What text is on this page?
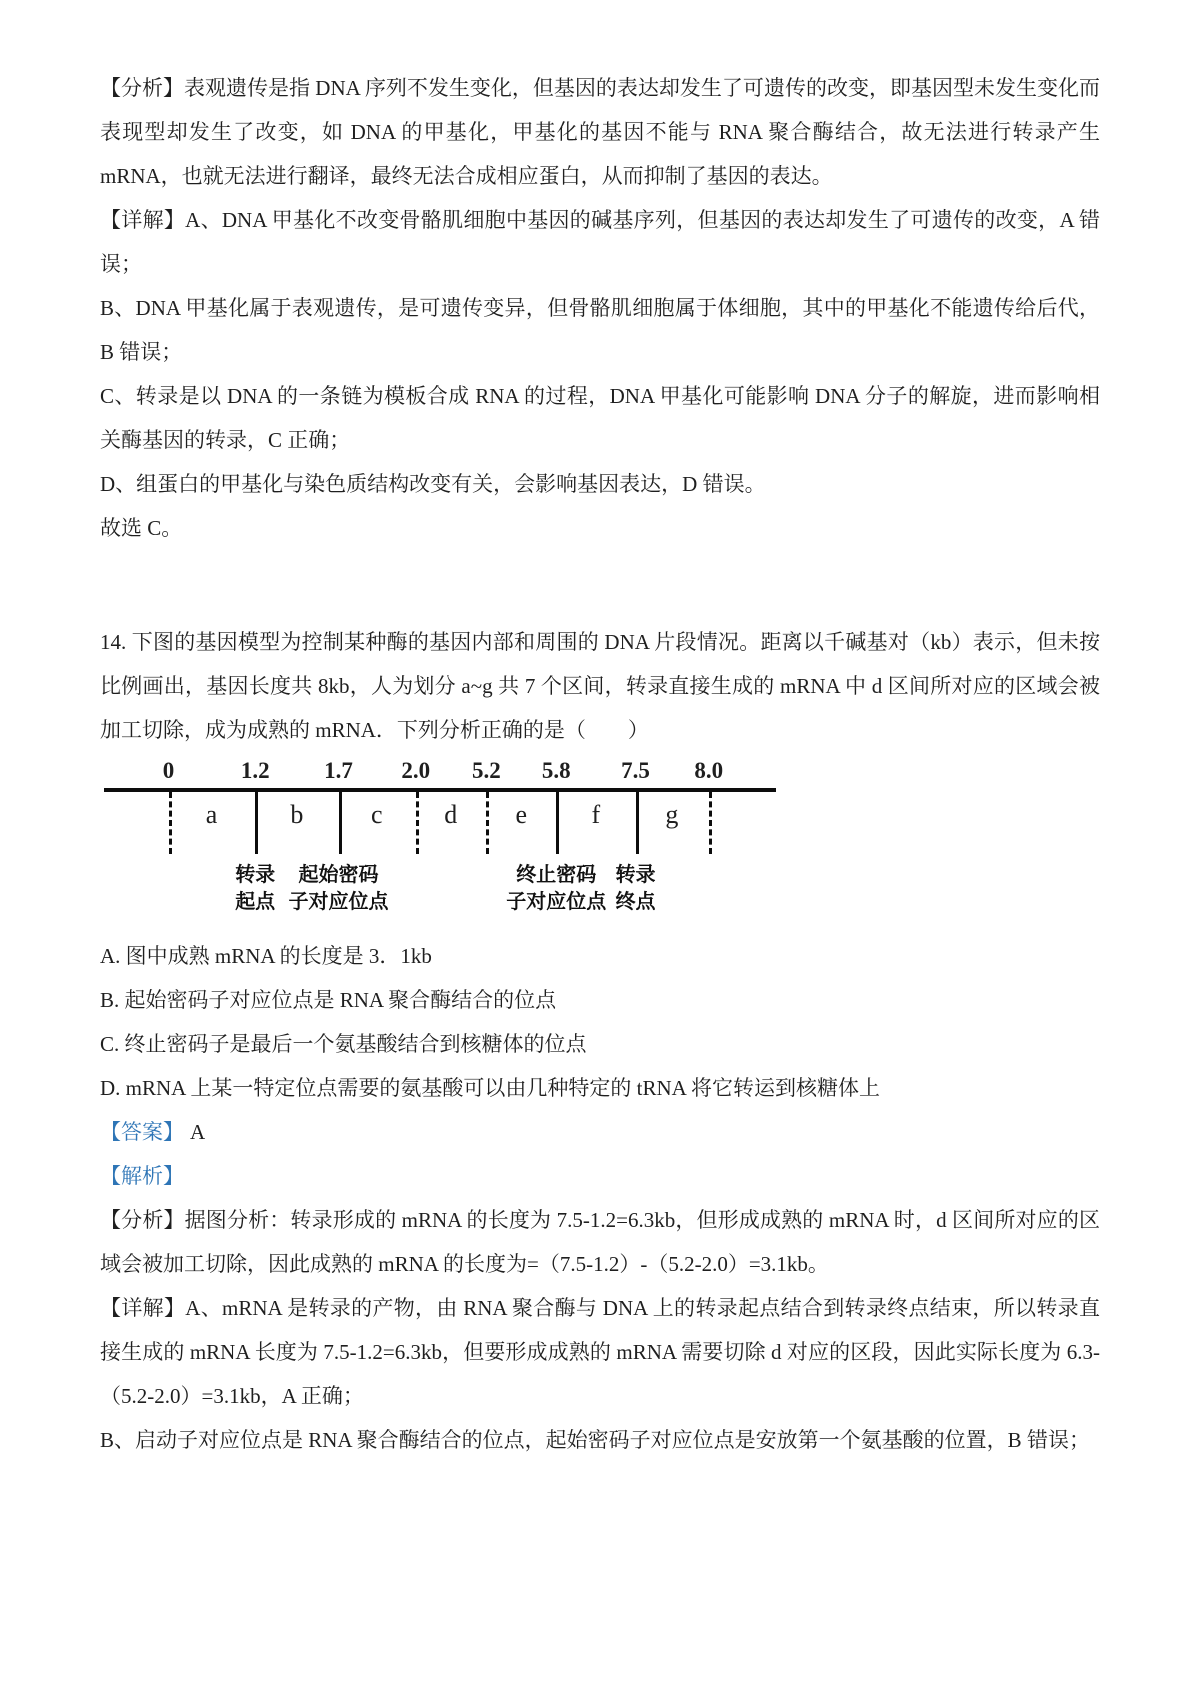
【分析】表观遗传是指 DNA 序列不发生变化，但基因的表达却发生了可遗传的改变，即基因型未发生变化而表现型却发生了改变，如 DNA 的甲基化，甲基化的基因不能与 RNA 聚合酶结合，故无法进行转录产生 mRNA，也就无法进行翻译，最终无法合成相应蛋白，从而抑制了基因的表达。

【详解】A、DNA 甲基化不改变骨骼肌细胞中基因的碱基序列，但基因的表达却发生了可遗传的改变，A 错误；

B、DNA 甲基化属于表观遗传，是可遗传变异，但骨骼肌细胞属于体细胞，其中的甲基化不能遗传给后代，B 错误；

C、转录是以 DNA 的一条链为模板合成 RNA 的过程，DNA 甲基化可能影响 DNA 分子的解旋，进而影响相关酶基因的转录，C 正确；

D、组蛋白的甲基化与染色质结构改变有关，会影响基因表达，D 错误。

故选 C。

14. 下图的基因模型为控制某种酶的基因内部和周围的 DNA 片段情况。距离以千碱基对（kb）表示，但未按比例画出，基因长度共 8kb，人为划分 a~g 共 7 个区间，转录直接生成的 mRNA 中 d 区间所对应的区域会被加工切除，成为成熟的 mRNA．下列分析正确的是（　　）

0	1.2 1.7 2.0 5.2 5.8 7.5 8.0
a	b	c d e f	g
转录
起点
起始密码
子对应位点
终止密码
子对应位点
转录
终点

A. 图中成熟 mRNA 的长度是 3．1kb

B. 起始密码子对应位点是 RNA 聚合酶结合的位点

C. 终止密码子是最后一个氨基酸结合到核糖体的位点

D. mRNA 上某一特定位点需要的氨基酸可以由几种特定的 tRNA 将它转运到核糖体上

【答案】 A

【解析】

【分析】据图分析：转录形成的 mRNA 的长度为 7.5-1.2=6.3kb，但形成成熟的 mRNA 时，d 区间所对应的区域会被加工切除，因此成熟的 mRNA 的长度为=（7.5-1.2）-（5.2-2.0）=3.1kb。

【详解】A、mRNA 是转录的产物，由 RNA 聚合酶与 DNA 上的转录起点结合到转录终点结束，所以转录直接生成的 mRNA 长度为 7.5-1.2=6.3kb，但要形成成熟的 mRNA 需要切除 d 对应的区段，因此实际长度为 6.3-（5.2-2.0）=3.1kb，A 正确；

B、启动子对应位点是 RNA 聚合酶结合的位点，起始密码子对应位点是安放第一个氨基酸的位置，B 错误；
